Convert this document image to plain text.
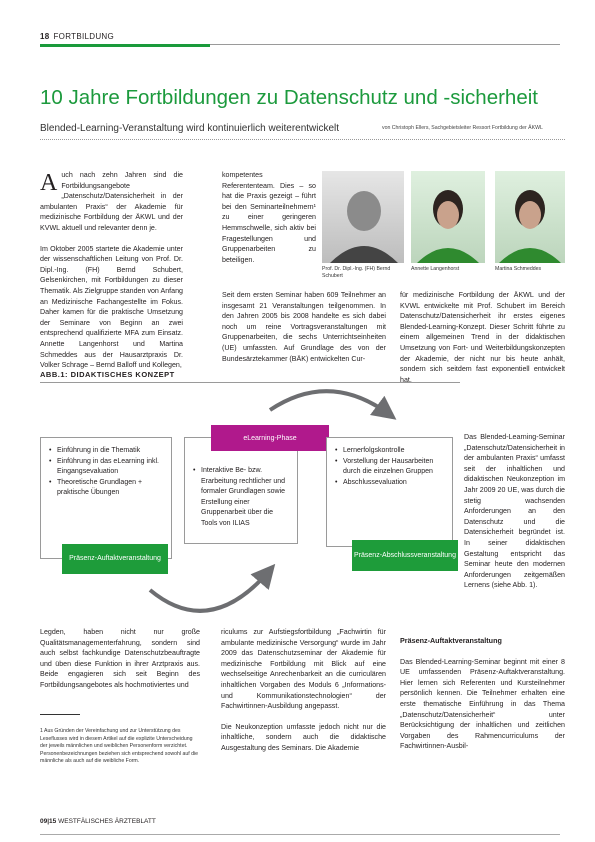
18 FORTBILDUNG
10 Jahre Fortbildungen zu Datenschutz und -sicherheit
Blended-Learning-Veranstaltung wird kontinuierlich weiterentwickelt	von Christoph Ellers, Sachgebietsleiter Ressort Fortbildung der ÄKWL

Auch nach zehn Jahren sind die Fortbildungsangebote „Datenschutz/Datensicherheit in der ambulanten Praxis“ der Akademie für medizinische Fortbildung der ÄKWL und der KVWL aktuell und relevanter denn je.

Im Oktober 2005 startete die Akademie unter der wissenschaftlichen Leitung von Prof. Dr. Dipl.-Ing. (FH) Bernd Schubert, Gelsenkirchen, mit Fortbildungen zu dieser Thematik. Als Zielgruppe standen von Anfang an Medizinische Fachangestellte im Fokus. Daher kamen für die praktische Umsetzung der Seminare von Beginn an zwei entsprechend qualifizierte MFA zum Einsatz. Annette Langenhorst und Martina Schmeddes aus der Hausarztpraxis Dr. Volker Schrage – Bernd Balloff und Kollegen,

kompetentes Referententeam. Dies – so hat die Praxis gezeigt – führt bei den Seminarteilnehmern¹ zu einer geringeren Hemmschwelle, sich aktiv bei Fragestellungen und Gruppenarbeiten zu beteiligen.

Seit dem ersten Seminar haben 609 Teilnehmer an insgesamt 21 Veranstaltungen teilgenommen. In den Jahren 2005 bis 2008 handelte es sich dabei noch um reine Vortragsveranstaltungen mit Gruppenarbeiten, die sechs Unterrichtseinheiten (UE) umfassten. Auf Grundlage des von der Bundesärztekammer (BÄK) entwickelten Cur-

Prof. Dr. Dipl.-Ing. (FH) Bernd Schubert
Annette Langenhorst	Martina Schmeddes

für medizinische Fortbildung der ÄKWL und der KVWL entwickelte mit Prof. Schubert im Bereich Datenschutz/Datensicherheit ihr erstes eigenes Blended-Learning-Konzept. Dieser Schritt führte zu einem allgemeinen Trend in der didaktischen Umsetzung von Fort- und Weiterbildungskonzepten der Akademie, der nicht nur bis heute anhält, sondern sich seitdem fast exponentiell entwickelt hat.

ABB.1: DIDAKTISCHES KONZEPT
• Einführung in die Thematik
• Einführung in das eLearning inkl. Eingangsevaluation
• Theoretische Grundlagen + praktische Übungen
Präsenz-Auftaktveranstaltung
• Interaktive Be- bzw. Erarbeitung rechtlicher und formaler Grundlagen sowie Erstellung einer Gruppenarbeit über die Tools von ILIAS
eLearning-Phase
• Lernerfolgskontrolle
• Vorstellung der Hausarbeiten durch die einzelnen Gruppen
• Abschlussevaluation
Präsenz-Abschlussveranstaltung

Das Blended-Learning-Seminar „Datenschutz/Datensicherheit in der ambulanten Praxis“ umfasst seit der inhaltlichen und didaktischen Neukonzeption im Jahr 2009 20 UE, was durch die stetig wachsenden Anforderungen an den Datenschutz und die Datensicherheit begründet ist. In seiner didaktischen Gestaltung entspricht das Seminar heute den modernen Anforderungen zeitgemäßen Lernens (siehe Abb. 1).

Präsenz-Auftaktveranstaltung

Das Blended-Learning-Seminar beginnt mit einer 8 UE umfassenden Präsenz-Auftaktveranstaltung. Hier lernen sich Referenten und Kursteilnehmer persönlich kennen. Die Teilnehmer erhalten eine erste thematische Einführung in das Thema „Datenschutz/Datensicherheit“ unter Berücksichtigung der inhaltlichen und zeitlichen Vorgaben des Rahmencurriculums der Fachwirtinnen-Ausbil-

Legden, haben nicht nur große Qualitätsmanagementerfahrung, sondern sind auch selbst fachkundige Datenschutzbeauftragte und üben diese Funktion in ihrer Arztpraxis aus. Beide engagieren sich seit Beginn des Fortbildungsangebotes als hochmotiviertes und

riculums zur Aufstiegsfortbildung „Fachwirtin für ambulante medizinische Versorgung“ wurde im Jahr 2009 das Datenschutzseminar der Akademie für medizinische Fortbildung mit Blick auf eine wechselseitige Anrechenbarkeit an die curriculären inhaltlichen Vorgaben des Moduls 6 „Informations- und Kommunikationstechnologien“ der Fachwirtinnen-Ausbildung angepasst.

Die Neukonzeption umfasste jedoch nicht nur die inhaltliche, sondern auch die didaktische Ausgestaltung des Seminars. Die Akademie

1 Aus Gründen der Vereinfachung und zur Unterstützung des Leseflusses wird in diesem Artikel auf die explizite Unterscheidung der jeweils männlichen und weiblichen Personenform verzichtet. Personenbezeichnungen beziehen sich entsprechend sowohl auf die männliche als auch auf die weibliche Form.
09|15 WESTFÄLISCHES ÄRZTEBLATT
